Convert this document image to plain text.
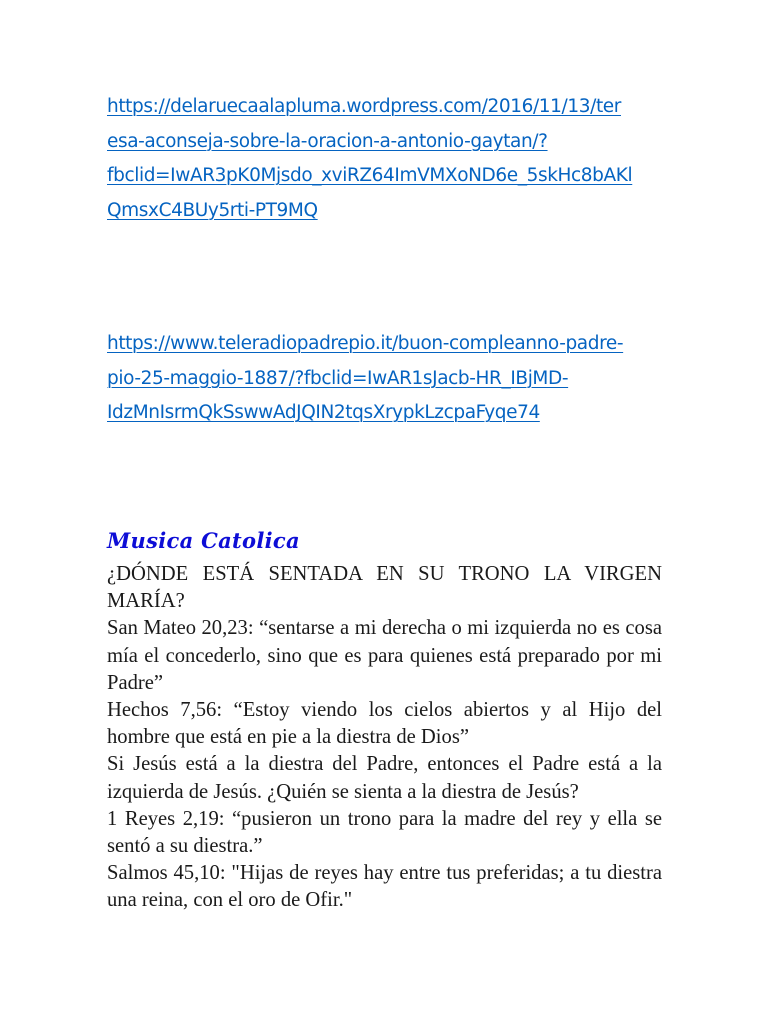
https://delaruecaalapluma.wordpress.com/2016/11/13/ter
esa-aconseja-sobre-la-oracion-a-antonio-gaytan/?
fbclid=IwAR3pK0Mjsdo_xviRZ64ImVMXoND6e_5skHc8bAKl
QmsxC4BUy5rti-PT9MQ
https://www.teleradiopadrepio.it/buon-compleanno-padre-
pio-25-maggio-1887/?fbclid=IwAR1sJacb-HR_IBjMD-
IdzMnIsrmQkSswwAdJQIN2tqsXrypkLzcpaFyqe74
Musica Catolica

¿DÓNDE ESTÁ SENTADA EN SU TRONO LA VIRGEN MARÍA?

San Mateo 20,23: “sentarse a mi derecha o mi izquierda no es cosa mía el concederlo, sino que es para quienes está preparado por mi Padre”

Hechos 7,56: “Estoy viendo los cielos abiertos y al Hijo del hombre que está en pie a la diestra de Dios”

Si Jesús está a la diestra del Padre, entonces el Padre está a la izquierda de Jesús. ¿Quién se sienta a la diestra de Jesús?

1 Reyes 2,19: “pusieron un trono para la madre del rey y ella se sentó a su diestra.”

Salmos 45,10: "Hijas de reyes hay entre tus preferidas; a tu diestra una reina, con el oro de Ofir."
